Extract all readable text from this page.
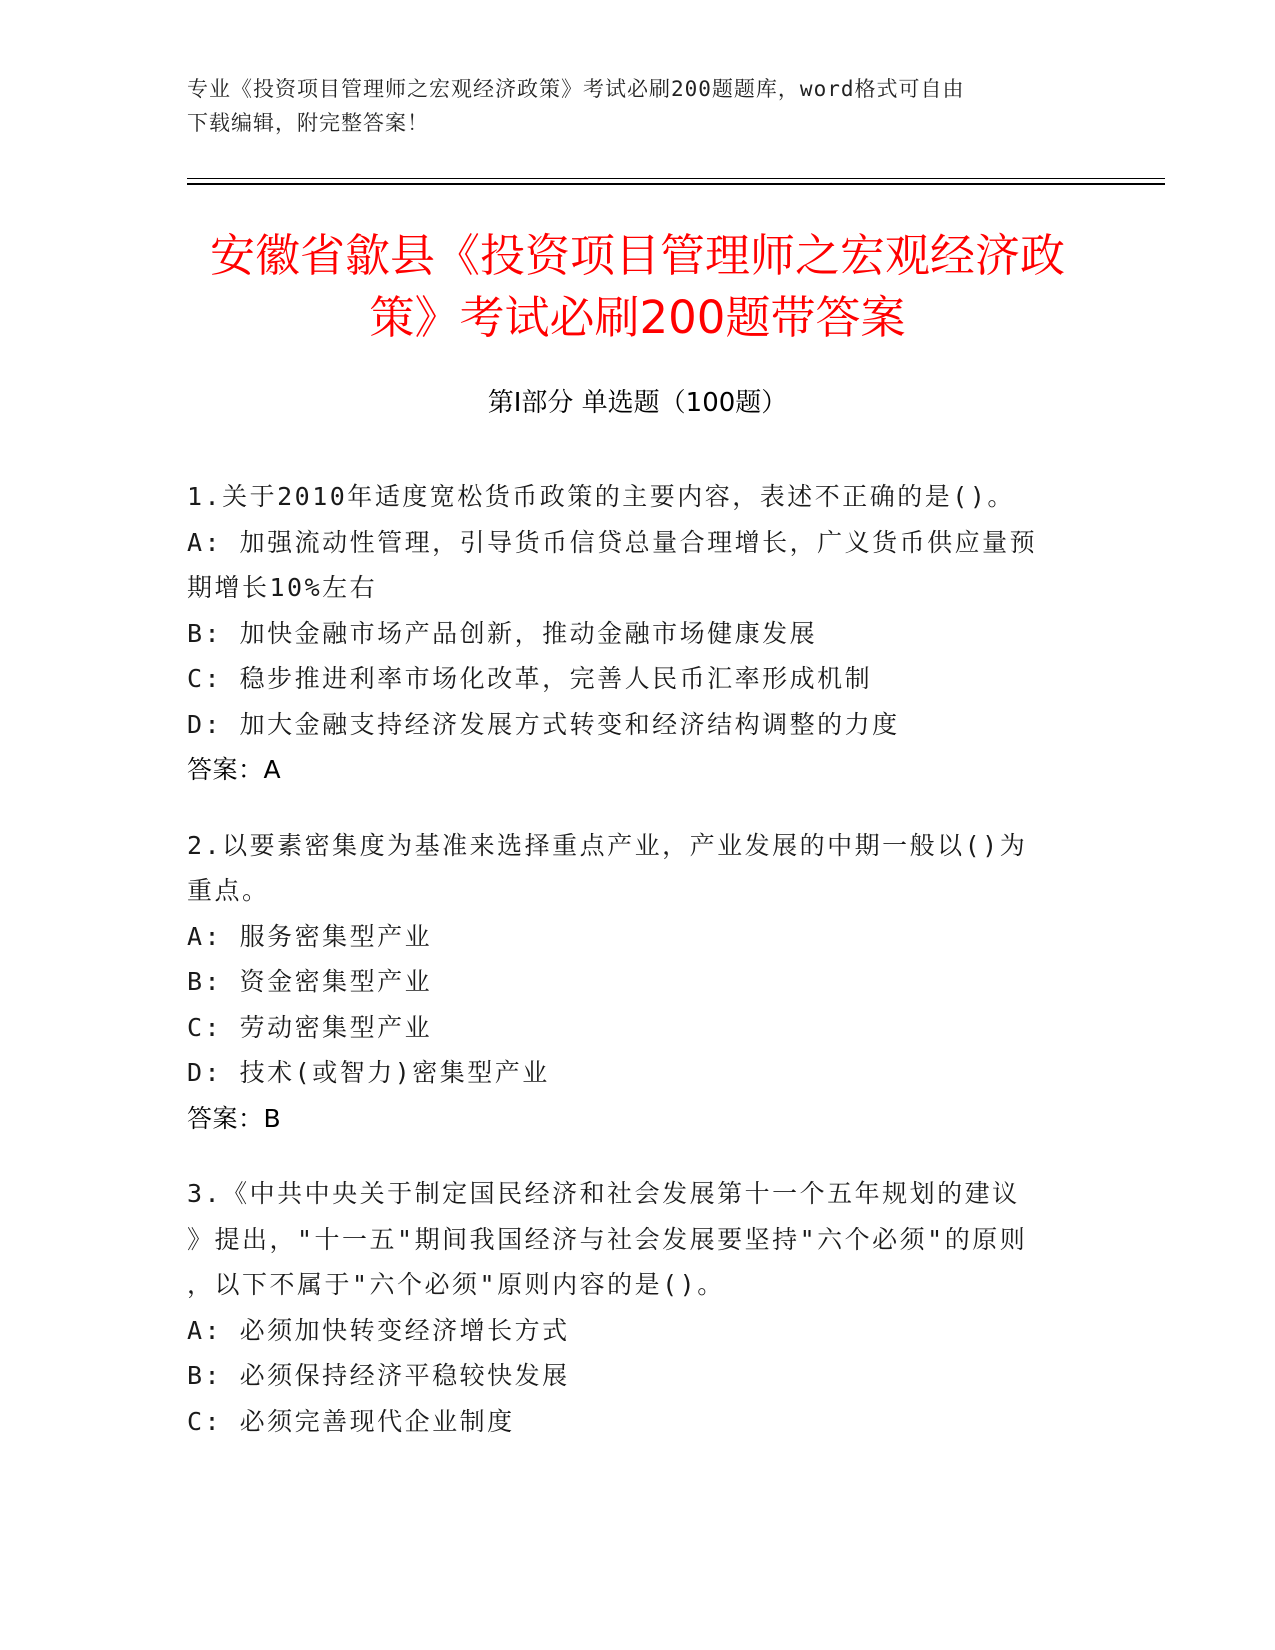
专业《投资项目管理师之宏观经济政策》考试必刷200题题库，word格式可自由
下载编辑，附完整答案！
安徽省歙县《投资项目管理师之宏观经济政
策》考试必刷200题带答案
第Ⅰ部分 单选题（100题）

1.关于2010年适度宽松货币政策的主要内容，表述不正确的是()。

A: 加强流动性管理，引导货币信贷总量合理增长，广义货币供应量预

期增长10%左右

B: 加快金融市场产品创新，推动金融市场健康发展

C: 稳步推进利率市场化改革，完善人民币汇率形成机制

D: 加大金融支持经济发展方式转变和经济结构调整的力度

答案：A

2.以要素密集度为基准来选择重点产业，产业发展的中期一般以()为

重点。

A: 服务密集型产业

B: 资金密集型产业

C: 劳动密集型产业

D: 技术(或智力)密集型产业

答案：B

3.《中共中央关于制定国民经济和社会发展第十一个五年规划的建议

》提出，"十一五"期间我国经济与社会发展要坚持"六个必须"的原则

，以下不属于"六个必须"原则内容的是()。

A: 必须加快转变经济增长方式

B: 必须保持经济平稳较快发展

C: 必须完善现代企业制度
